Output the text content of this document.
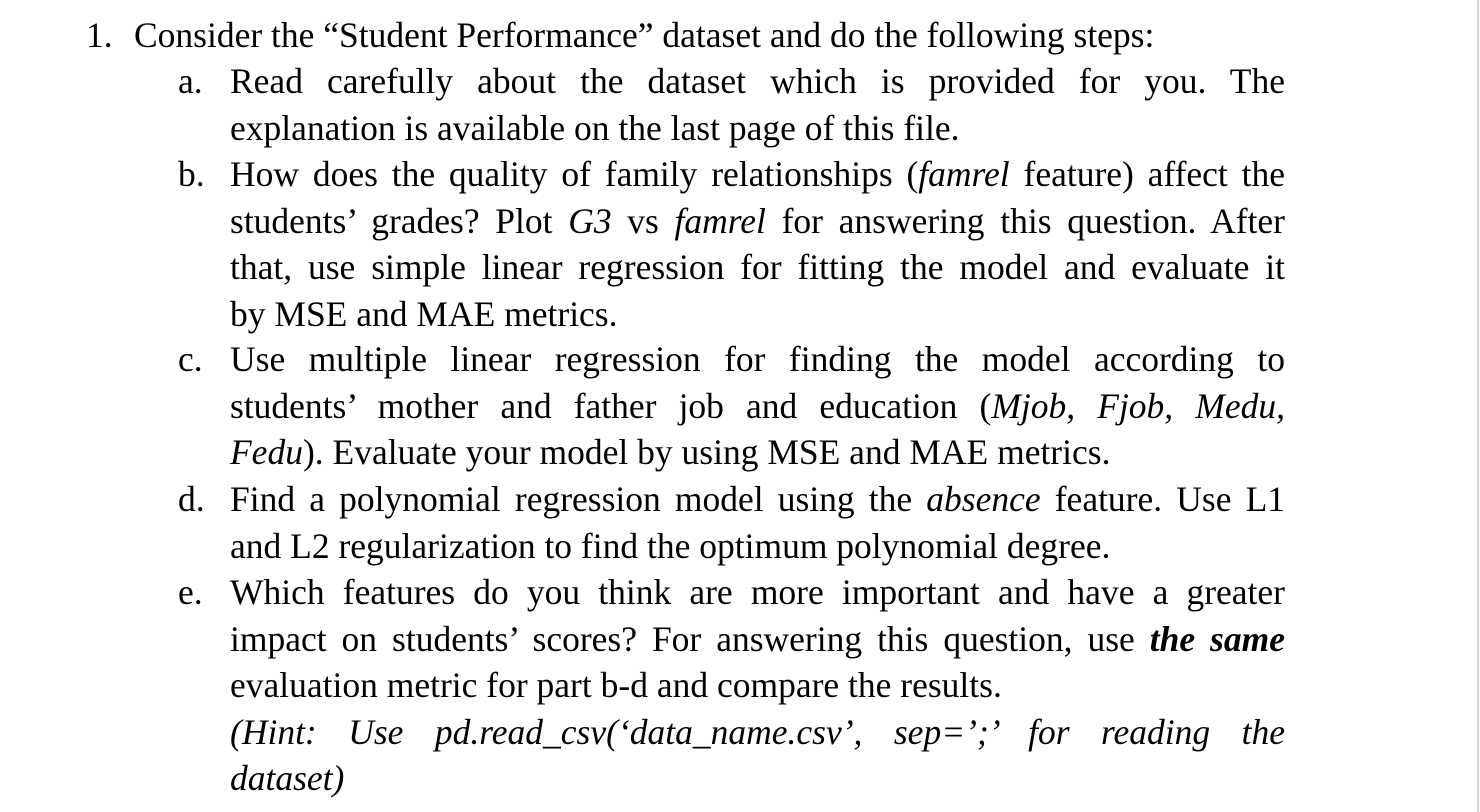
1. Consider the “Student Performance” dataset and do the following steps:
a. Read carefully about the dataset which is provided for you. The
explanation is available on the last page of this file.
b. How does the quality of family relationships (famrel feature) affect the
students’ grades? Plot G3 vs famrel for answering this question. After
that, use simple linear regression for fitting the model and evaluate it
by MSE and MAE metrics.
c. Use multiple linear regression for finding the model according to
students’ mother and father job and education (Mjob, Fjob, Medu,
Fedu). Evaluate your model by using MSE and MAE metrics.
d. Find a polynomial regression model using the absence feature. Use L1
and L2 regularization to find the optimum polynomial degree.
e. Which features do you think are more important and have a greater
impact on students’ scores? For answering this question, use the same
evaluation metric for part b-d and compare the results.
(Hint: Use pd.read_csv(‘data_name.csv’, sep=’;’ for reading the
dataset)
